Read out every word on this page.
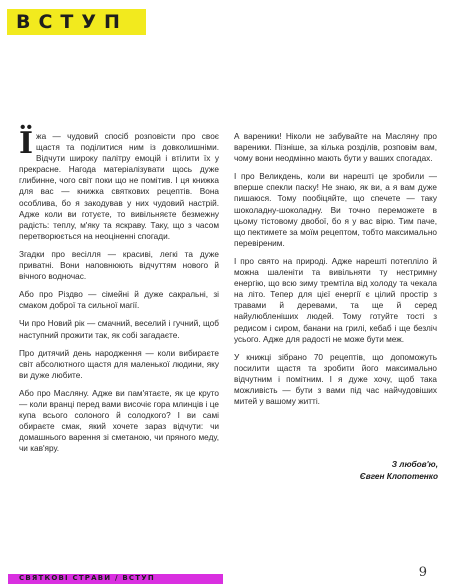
ВСТУП

Їжа — чудовий спосіб розповісти про своє щастя та поділитися ним із довколишніми. Відчути широку палітру емоцій і втілити їх у прекрасне. Нагода матеріалізувати щось дуже глибинне, чого світ поки що не помітив. І ця книжка для вас — книжка святкових рецептів. Вона особлива, бо я закодував у них чудовий настрій. Адже коли ви готуєте, то вивільняєте безмежну радість: теплу, м'яку та яскраву. Таку, що з часом перетворюється на неоціненні спогади.

Згадки про весілля — красиві, легкі та дуже приватні. Вони наповнюють відчуттям нового й вічного водночас.

Або про Різдво — сімейні й дуже сакральні, зі смаком доброї та сильної магії.

Чи про Новий рік — смачний, веселий і гучний, щоб наступний прожити так, як собі загадаєте.

Про дитячий день народження — коли вибираєте світ абсолютного щастя для маленької людини, яку ви дуже любите.

Або про Масляну. Адже ви пам'ятаєте, як це круто — коли вранці перед вами височіє гора млинців і це купа всього солоного й солодкого? І ви самі обираєте смак, який хочете зараз відчути: чи домашнього варення зі сметаною, чи пряного меду, чи кав'яру.

А вареники! Ніколи не забувайте на Масляну про вареники. Пізніше, за кілька розділів, розповім вам, чому вони неодмінно мають бути у ваших спогадах.

І про Великдень, коли ви нарешті це зробили — вперше спекли паску! Не знаю, як ви, а я вам дуже пишаюся. Тому пообіцяйте, що спечете — таку шоколадну-шоколадну. Ви точно переможете в цьому тістовому двобої, бо я у вас вірю. Тим паче, що пектимете за моїм рецептом, тобто максимально перевіреним.

І про свято на природі. Адже нарешті потепліло й можна шаленіти та вивільняти ту нестримну енергію, що всю зиму тремтіла від холоду та чекала на літо. Тепер для цієї енергії є цілий простір з травами й деревами, та ще й серед найулюбленіших людей. Тому готуйте тості з редисом і сиром, банани на грилі, кебаб і ще безліч усього. Адже для радості не може бути меж.

У книжці зібрано 70 рецептів, що допоможуть посилити щастя та зробити його максимально відчутним і помітним. І я дуже хочу, щоб така можливість — бути з вами під час найчудовіших митей у вашому житті.

З любов'ю,
Євген Клопотенко
СВЯТКОВІ СТРАВИ / ВСТУП	9
